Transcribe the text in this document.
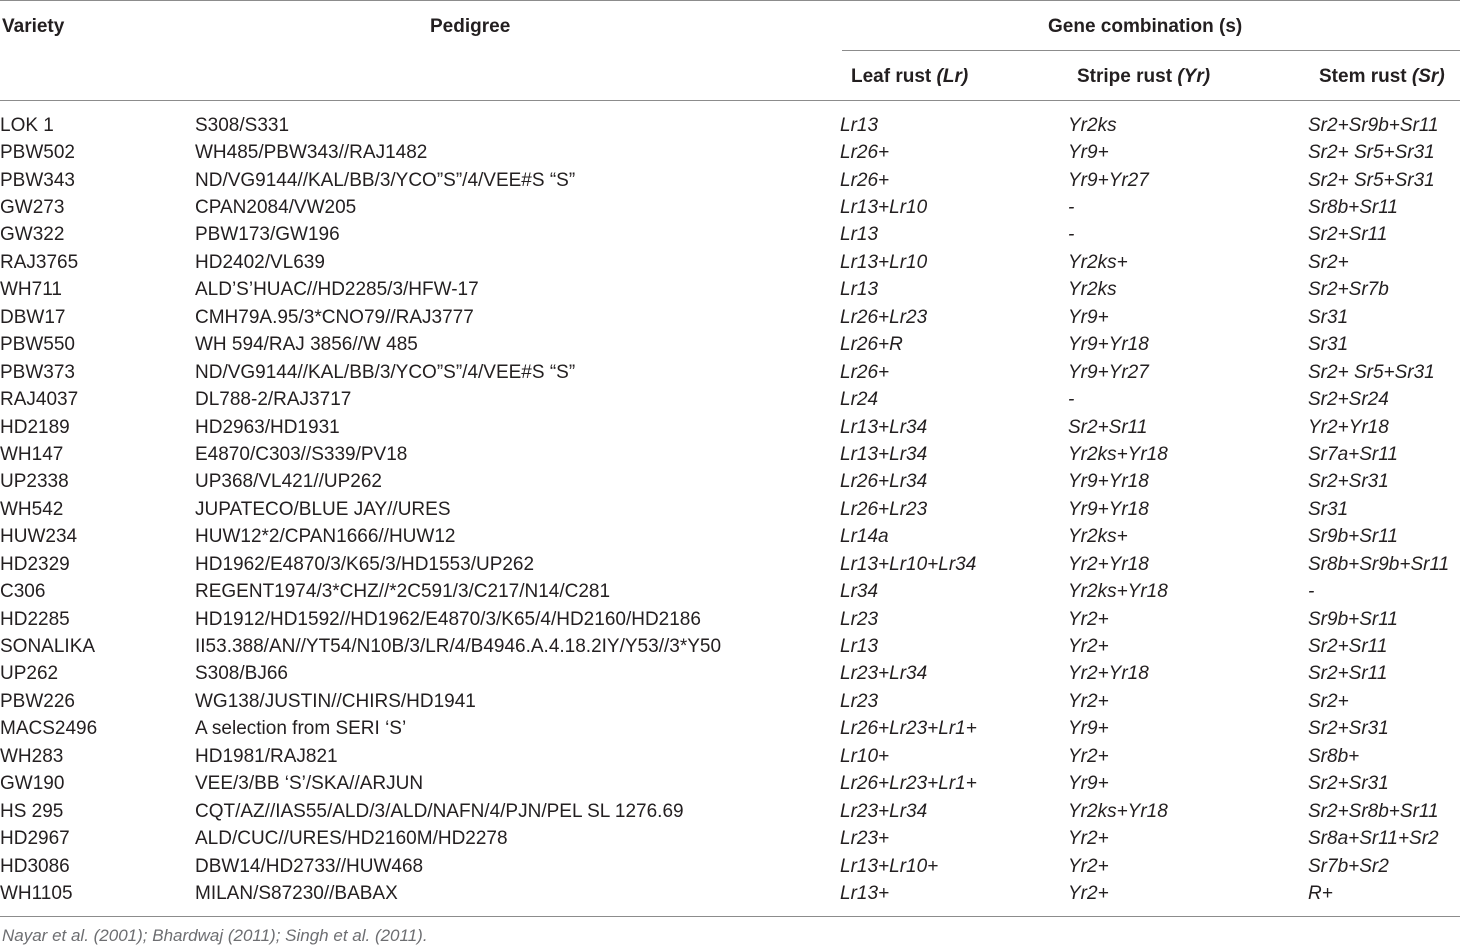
Variety	Pedigree	Gene combination (s)
Leaf rust (Lr)	Stripe rust (Yr)	Stem rust (Sr)
LOK 1	S308/S331	Lr13	Yr2ks	Sr2+Sr9b+Sr11
PBW502	WH485/PBW343//RAJ1482	Lr26+	Yr9+	Sr2+ Sr5+Sr31
PBW343	ND/VG9144//KAL/BB/3/YCO”S”/4/VEE#S “S”	Lr26+	Yr9+Yr27	Sr2+ Sr5+Sr31
GW273	CPAN2084/VW205	Lr13+Lr10	-	Sr8b+Sr11
GW322	PBW173/GW196	Lr13	-	Sr2+Sr11
RAJ3765	HD2402/VL639	Lr13+Lr10	Yr2ks+	Sr2+
WH711	ALD’S’HUAC//HD2285/3/HFW-17	Lr13	Yr2ks	Sr2+Sr7b
DBW17	CMH79A.95/3*CNO79//RAJ3777	Lr26+Lr23	Yr9+	Sr31
PBW550	WH 594/RAJ 3856//W 485	Lr26+R	Yr9+Yr18	Sr31
PBW373	ND/VG9144//KAL/BB/3/YCO”S”/4/VEE#S “S”	Lr26+	Yr9+Yr27	Sr2+ Sr5+Sr31
RAJ4037	DL788-2/RAJ3717	Lr24	-	Sr2+Sr24
HD2189	HD2963/HD1931	Lr13+Lr34	Sr2+Sr11	Yr2+Yr18
WH147	E4870/C303//S339/PV18	Lr13+Lr34	Yr2ks+Yr18	Sr7a+Sr11
UP2338	UP368/VL421//UP262	Lr26+Lr34	Yr9+Yr18	Sr2+Sr31
WH542	JUPATECO/BLUE JAY//URES	Lr26+Lr23	Yr9+Yr18	Sr31
HUW234	HUW12*2/CPAN1666//HUW12	Lr14a	Yr2ks+	Sr9b+Sr11
HD2329	HD1962/E4870/3/K65/3/HD1553/UP262	Lr13+Lr10+Lr34	Yr2+Yr18	Sr8b+Sr9b+Sr11
C306	REGENT1974/3*CHZ//*2C591/3/C217/N14/C281	Lr34	Yr2ks+Yr18	-
HD2285	HD1912/HD1592//HD1962/E4870/3/K65/4/HD2160/HD2186	Lr23	Yr2+	Sr9b+Sr11
SONALIKA	II53.388/AN//YT54/N10B/3/LR/4/B4946.A.4.18.2IY/Y53//3*Y50	Lr13	Yr2+	Sr2+Sr11
UP262	S308/BJ66	Lr23+Lr34	Yr2+Yr18	Sr2+Sr11
PBW226	WG138/JUSTIN//CHIRS/HD1941	Lr23	Yr2+	Sr2+
MACS2496	A selection from SERI ‘S’	Lr26+Lr23+Lr1+	Yr9+	Sr2+Sr31
WH283	HD1981/RAJ821	Lr10+	Yr2+	Sr8b+
GW190	VEE/3/BB ‘S’/SKA//ARJUN	Lr26+Lr23+Lr1+	Yr9+	Sr2+Sr31
HS 295	CQT/AZ//IAS55/ALD/3/ALD/NAFN/4/PJN/PEL SL 1276.69	Lr23+Lr34	Yr2ks+Yr18	Sr2+Sr8b+Sr11
HD2967	ALD/CUC//URES/HD2160M/HD2278	Lr23+	Yr2+	Sr8a+Sr11+Sr2
HD3086	DBW14/HD2733//HUW468	Lr13+Lr10+	Yr2+	Sr7b+Sr2
WH1105	MILAN/S87230//BABAX	Lr13+	Yr2+	R+
Nayar et al. (2001); Bhardwaj (2011); Singh et al. (2011).
